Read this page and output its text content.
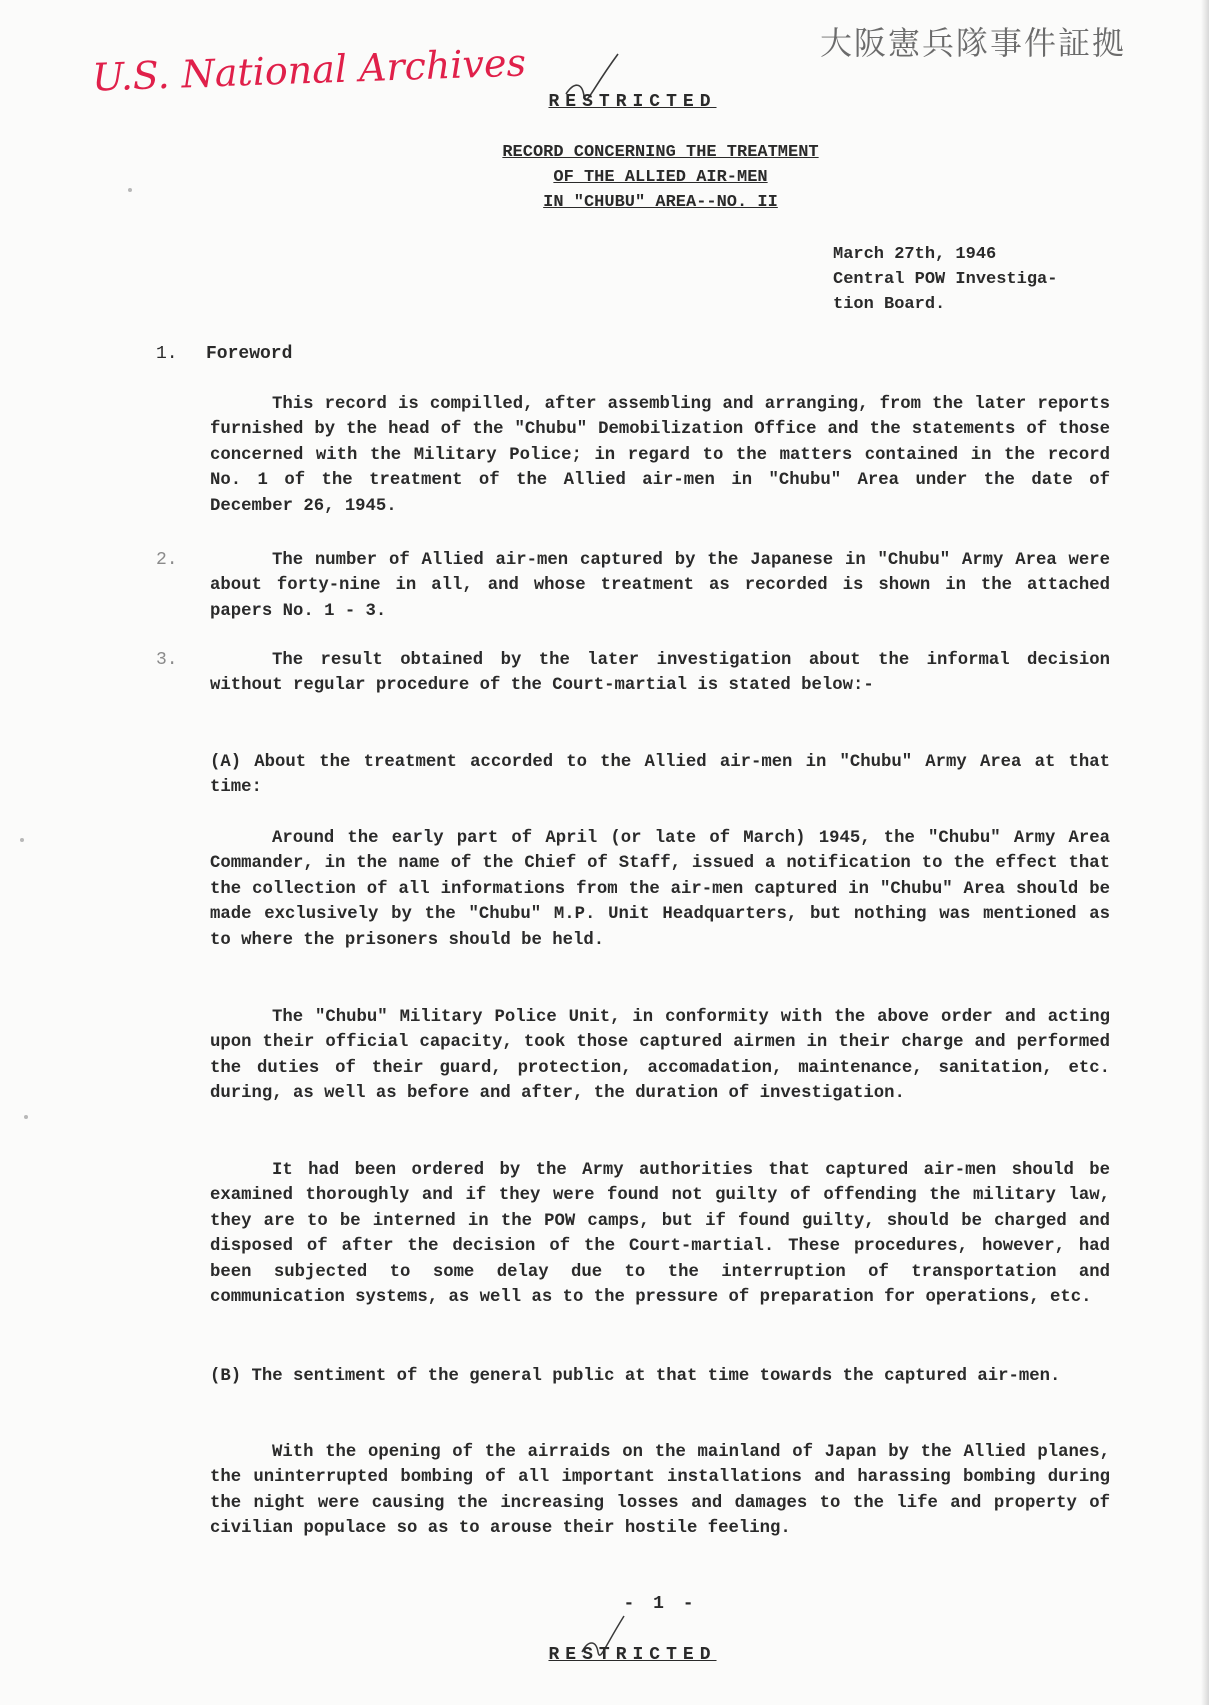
U.S. National Archives	大阪憲兵隊事件証拠
RESTRICTED
RECORD CONCERNING THE TREATMENT
OF THE ALLIED AIR-MEN
IN "CHUBU" AREA--NO. II
March 27th, 1946
Central POW Investiga-
tion Board.
1. Foreword
This record is compilled, after assembling and arranging, from the later reports furnished by the head of the "Chubu" Demobilization Office and the statements of those concerned with the Military Police; in regard to the matters contained in the record No. 1 of the treatment of the Allied air-men in "Chubu" Area under the date of December 26, 1945.
2.	The number of Allied air-men captured by the Japanese in "Chubu" Army Area were about forty-nine in all, and whose treatment as recorded is shown in the attached papers No. 1 - 3.
3.	The result obtained by the later investigation about the informal decision without regular procedure of the Court-martial is stated below:-
(A) About the treatment accorded to the Allied air-men in "Chubu" Army Area at that time:
Around the early part of April (or late of March) 1945, the "Chubu" Army Area Commander, in the name of the Chief of Staff, issued a notification to the effect that the collection of all informations from the air-men captured in "Chubu" Area should be made exclusively by the "Chubu" M.P. Unit Headquarters, but nothing was mentioned as to where the prisoners should be held.
The "Chubu" Military Police Unit, in conformity with the above order and acting upon their official capacity, took those captured airmen in their charge and performed the duties of their guard, protection, accomadation, maintenance, sanitation, etc. during, as well as before and after, the duration of investigation.
It had been ordered by the Army authorities that captured air-men should be examined thoroughly and if they were found not guilty of offending the military law, they are to be interned in the POW camps, but if found guilty, should be charged and disposed of after the decision of the Court-martial. These procedures, however, had been subjected to some delay due to the interruption of transportation and communication systems, as well as to the pressure of preparation for operations, etc.
(B) The sentiment of the general public at that time towards the captured air-men.
With the opening of the airraids on the mainland of Japan by the Allied planes, the uninterrupted bombing of all important installations and harassing bombing during the night were causing the increasing losses and damages to the life and property of civilian populace so as to arouse their hostile feeling.
- 1 -
RESTRICTED
